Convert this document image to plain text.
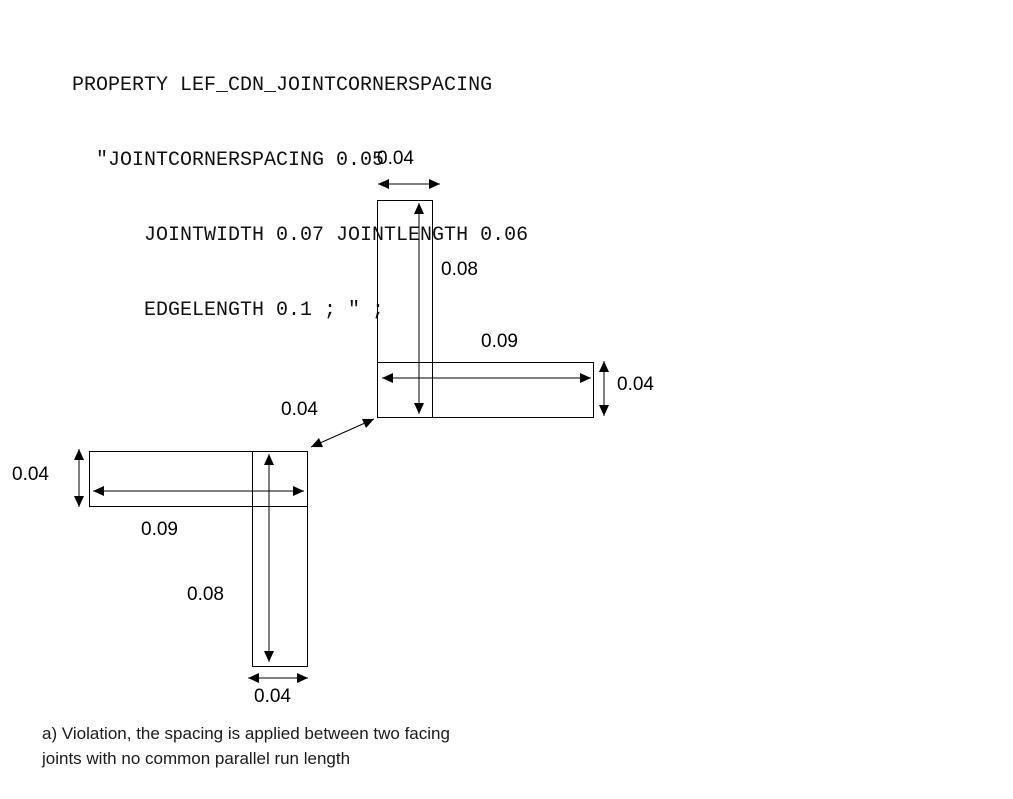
PROPERTY LEF_CDN_JOINTCORNERSPACING

"JOINTCORNERSPACING 0.05

JOINTWIDTH 0.07 JOINTLENGTH 0.06

EDGELENGTH 0.1 ; " ;

0.04
0.08
0.09
0.04
0.04
0.04
0.09
0.08
0.04
a) Violation, the spacing is applied between two facing
joints with no common parallel run length
